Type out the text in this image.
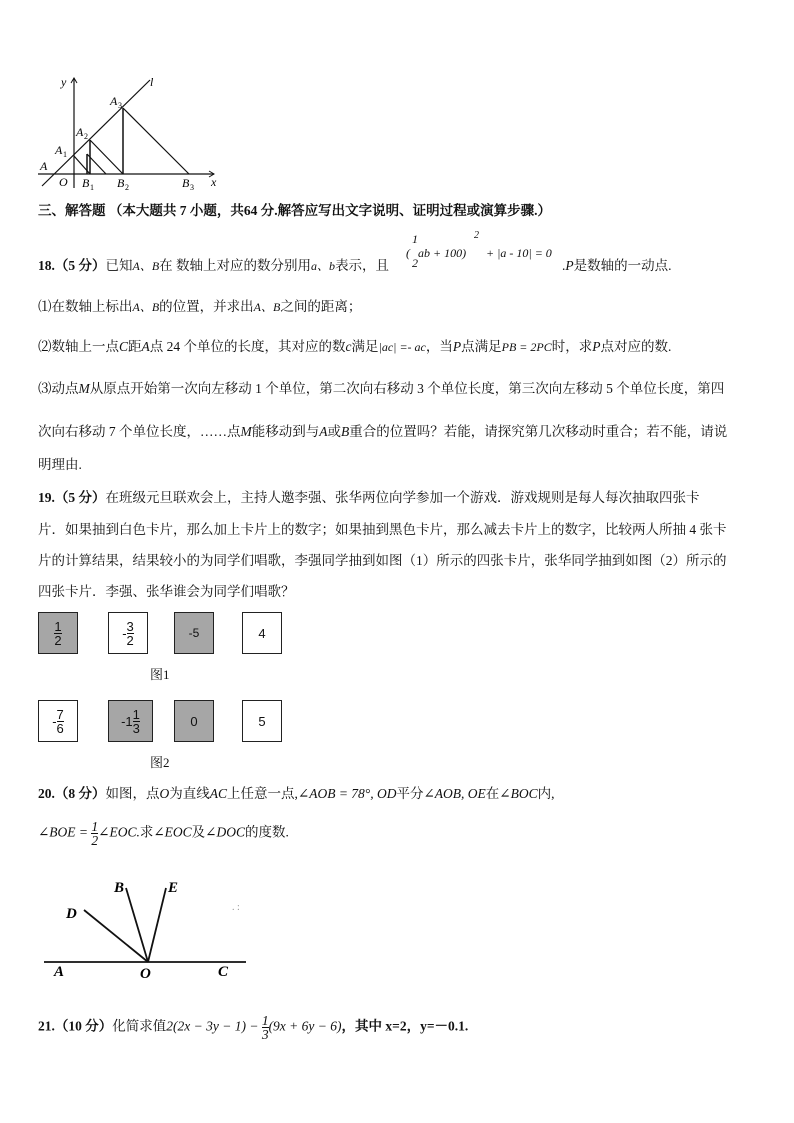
y	l
x
A
O
A 1
A 2
A 3
B 1 B 2	B 3
三、解答题 （本大题共 7 小题，共64 分.解答应写出文字说明、证明过程或演算步骤.）
18.（5 分）已知A、B在 数轴上对应的数分别用a、b表示，且
1	2
( ab + 100)
2
+ |a - 10| = 0
.P是数轴的一动点.
⑴在数轴上标出A、B的位置，并求出A、B之间的距离；
⑵数轴上一点C距A点 24 个单位的长度，其对应的数c满足|ac| =- ac，当P点满足PB = 2PC时，求P点对应的数.
⑶动点M从原点开始第一次向左移动 1 个单位，第二次向右移动 3 个单位长度，第三次向左移动 5 个单位长度，第四
次向右移动 7 个单位长度，……点M能移动到与A或B重合的位置吗？若能，请探究第几次移动时重合；若不能，请说
明理由.
19.（5 分）在班级元旦联欢会上，主持人邀李强、张华两位向学参加一个游戏．游戏规则是每人每次抽取四张卡
片．如果抽到白色卡片，那么加上卡片上的数字；如果抽到黑色卡片，那么减去卡片上的数字，比较两人所抽 4 张卡
片的计算结果，结果较小的为同学们唱歌，李强同学抽到如图（1）所示的四张卡片，张华同学抽到如图（2）所示的
四张卡片．李强、张华谁会为同学们唱歌？
$\frac{1}{2}$	- $\frac{3}{2}$	-5	4
图1
- $\frac{7}{6}$	$-1 \frac{1}{3}$	0	5
图2
20.（8 分）如图，点O为直线AC上任意一点,∠AOB = 78°, OD平分∠AOB, OE在∠BOC内,
∠BOE = $\frac{1}{2}$ ∠EOC.求∠EOC及∠DOC的度数.
. :
B	E
D
A	O	C
21.（10 分）化简求值$2(2x - 3y - 1) - \frac{1}{3} (9x + 6y - 6)$，其中 x=2，y=－0.1.
